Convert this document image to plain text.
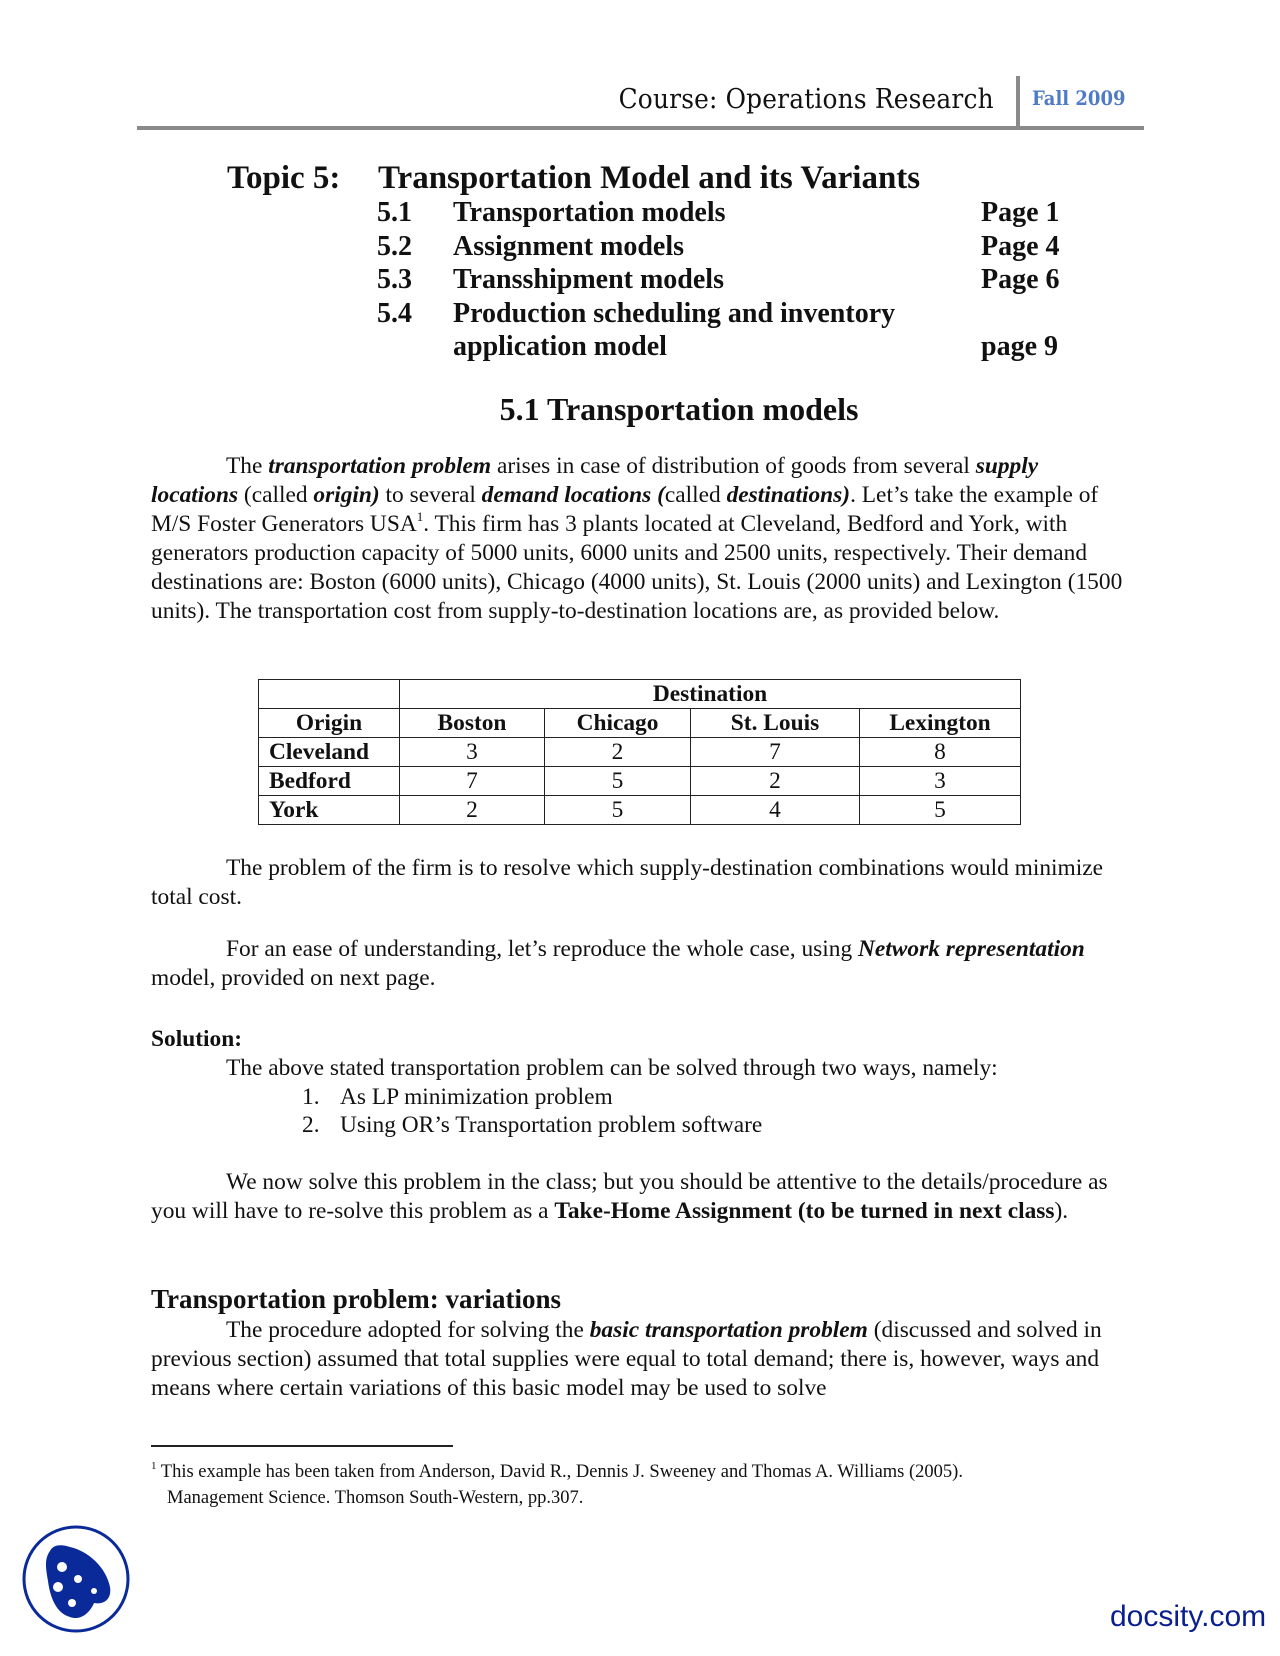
Course: Operations Research Fall 2009
Topic 5: Transportation Model and its Variants
5.1 Transportation models	Page 1
5.2 Assignment models	Page 4
5.3 Transshipment models	Page 6
5.4 Production scheduling and inventory
application model	page 9
5.1 Transportation models
The transportation problem arises in case of distribution of goods from several supply locations (called origin) to several demand locations (called destinations). Let’s take the example of M/S Foster Generators USA$^1$. This firm has 3 plants located at Cleveland, Bedford and York, with generators production capacity of 5000 units, 6000 units and 2500 units, respectively. Their demand destinations are: Boston (6000 units), Chicago (4000 units), St. Louis (2000 units) and Lexington (1500 units). The transportation cost from supply-to-destination locations are, as provided below.
	Destination			
Origin	Boston	Chicago	St. Louis	Lexington
Cleveland	3	2	7	8
Bedford	7	5	2	3
York	2	5	4	5
The problem of the firm is to resolve which supply-destination combinations would minimize total cost.
For an ease of understanding, let’s reproduce the whole case, using Network representation model, provided on next page.
Solution:
The above stated transportation problem can be solved through two ways, namely:
1. As LP minimization problem
2. Using OR’s Transportation problem software
We now solve this problem in the class; but you should be attentive to the details/procedure as you will have to re-solve this problem as a Take-Home Assignment (to be turned in next class).
Transportation problem: variations
The procedure adopted for solving the basic transportation problem (discussed and solved in previous section) assumed that total supplies were equal to total demand; there is, however, ways and means where certain variations of this basic model may be used to solve
$^1$ This example has been taken from Anderson, David R., Dennis J. Sweeney and Thomas A. Williams (2005).
Management Science. Thomson South-Western, pp.307.
docsity.com
